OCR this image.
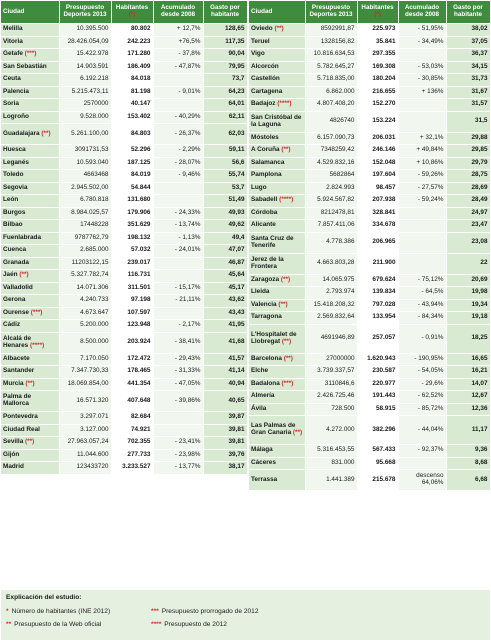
Ciudad	Presupuesto Deportes 2013	Habitantes (*)	Acumulado desde 2008	Gasto por habitante
Melilla	10.395.500	80.802	+ 12,7%	128,65
Vitoria	28.426.054,09	242.223	+76,5%	117,35
Getafe (***)	15.422.978	171.280	- 37,8%	90,04
San Sebastián	14.903.591	186.409	- 47,87%	79,95
Ceuta	6.192.218	84.018		73,7
Palencia	5.215.473,11	81.198	- 9,01%	64,23
Soria	2570000	40.147		64,01
Logroño	9.528.000	153.402	- 40,29%	62,11
Guadalajara (**)	5.261.100,00	84.803	- 26,37%	62,03
Huesca	3091731,53	52.296	- 2,29%	59,11
Leganés	10.593.040	187.125	- 28,07%	56,6
Toledo	4663468	84.019	- 9,46%	55,74
Segovia	2.945.502,00	54.844		53,7
León	6.780.818	131.680		51,49
Burgos	8.984.025,57	179.906	- 24,33%	49,93
Bilbao	17448228	351.629	- 13,74%	49,62
Fuenlabrada	9787762,79	198.132	- 1,13%	49,4
Cuenca	2.685.000	57.032	- 24,01%	47,07
Granada	11203122,15	239.017		46,87
Jaén (**)	5.327.782,74	116.731		45,64
Valladolid	14.071.306	311.501	- 15,17%	45,17
Gerona	4.240.733	97.198	- 21,11%	43,62
Ourense (***)	4.673.647	107.597		43,43
Cádiz	5.200.000	123.948	- 2,17%	41,95
Alcalá de Henares (****)	8.500.000	203.924	- 38,41%	41,68
Albacete	7.170.050	172.472	- 29,43%	41,57
Santander	7.347.730,33	178.465	- 31,33%	41,14
Murcia (**)	18.069.854,00	441.354	- 47,05%	40,94
Palma de Mallorca	16.571.320	407.648	- 39,86%	40,65
Pontevedra	3.297.071	82.684		39,87
Ciudad Real	3.127.000	74.921		39,81
Sevilla (**)	27.963.057,24	702.355	- 23,41%	39,81
Gijón	11.044.600	277.733	- 23,98%	39,76
Madrid	123433720	3.233.527	- 13,77%	38,17
Ciudad	Presupuesto Deportes 2013	Habitantes (*)	Acumulado desde 2008	Gasto por habitante
Oviedo (**)	8592991,87	225.973	- 51,95%	38,02
Teruel	1328156,82	35.841	- 34,49%	37,05
Vigo	10.816.634,53	297.355		36,37
Alcorcón	5.782.645,27	169.308	- 53,03%	34,15
Castellón	5.718.835,00	180.204	- 30,85%	31,73
Cartagena	6.862.000	216.655	+ 136%	31,67
Badajoz (****)	4.807.408,20	152.270		31,57
San Cristóbal de la Laguna	4826740	153.224		31,5
Móstoles	6.157.090,73	206.031	+ 32,1%	29,88
A Coruña (**)	7348259,42	246.146	+ 49,84%	29,85
Salamanca	4.529.832,16	152.048	+ 10,86%	29,79
Pamplona	5682864	197.604	- 59,26%	28,75
Lugo	2.824.993	98.457	- 27,57%	28,69
Sabadell (****)	5.924.567,82	207.938	- 59,24%	28,49
Córdoba	8212478,81	328.841		24,97
Alicante	7.857.411,06	334.678		23,47
Santa Cruz de Tenerife	4.778.386	206.965		23,08
Jerez de la Frontera	4.663.803,28	211.900		22
Zaragoza (**)	14.065.975	679.624	- 75,12%	20,69
Lleida	2.793.974	139.834	- 64,5%	19,98
Valencia (**)	15.418.208,32	797.028	- 43,94%	19,34
Tarragona	2.569.832,64	133.954	- 84,34%	19,18
L'Hospitalet de Llobregat (**)	4691946,89	257.057	- 0,91%	18,25
Barcelona (**)	27000000	1.620.943	- 190,95%	16,65
Elche	3.739.337,57	230.587	- 54,05%	16,21
Badalona (***)	3110846,6	220.977	- 29,6%	14,07
Almería	2.426.725,46	191.443	- 62,52%	12,67
Ávila	728.500	58.915	- 85,72%	12,36
Las Palmas de Gran Canaria (**)	4.272.000	382.296	- 44,04%	11,17
Málaga	5.316.453,55	567.433	- 92,37%	9,36
Cáceres	831.000	95.668		8,68
Terrassa	1.441.389	215.678	descenso 64,06%	6,68
Explicación del estudio:
* Número de habitantes (INE 2012)	*** Presupuesto prorrogado de 2012
** Presupuesto de la Web oficial	**** Presupuesto de 2012
